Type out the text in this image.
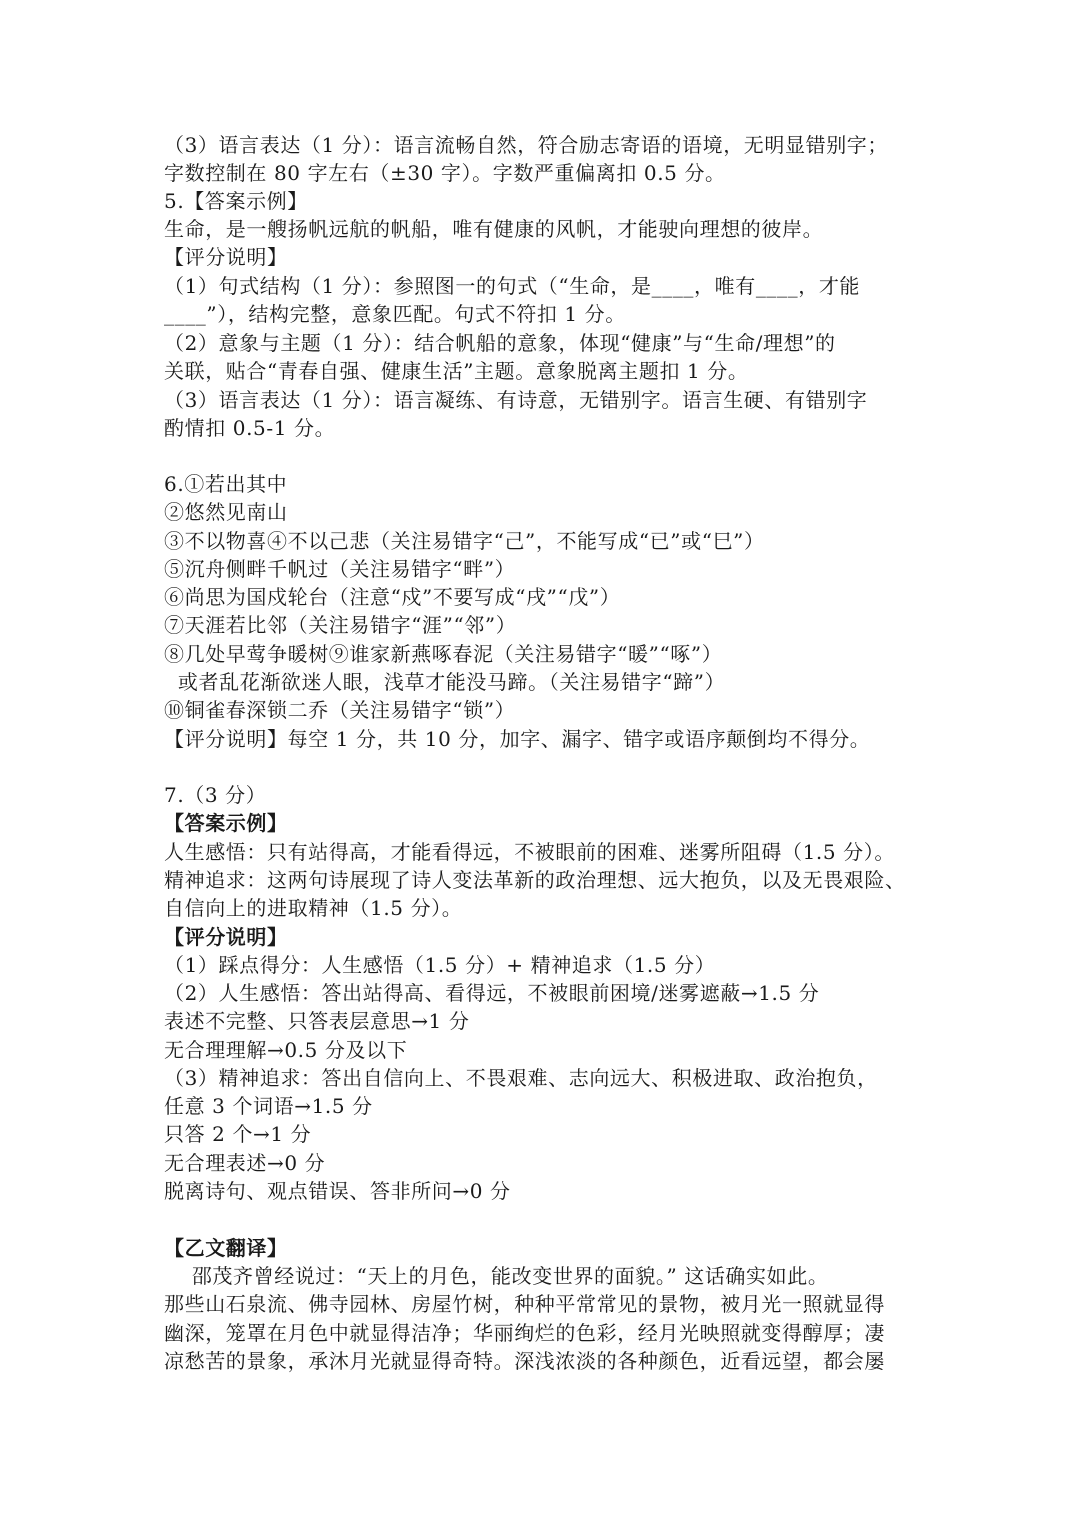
（3）语言表达（1 分）：语言流畅自然，符合励志寄语的语境，无明显错别字；
字数控制在 80 字左右（±30 字）。字数严重偏离扣 0.5 分。
5.【答案示例】
生命，是一艘扬帆远航的帆船，唯有健康的风帆，才能驶向理想的彼岸。
【评分说明】
（1）句式结构（1 分）：参照图一的句式（“生命，是____，唯有____，才能
____”），结构完整，意象匹配。句式不符扣 1 分。
（2）意象与主题（1 分）：结合帆船的意象，体现“健康”与“生命/理想”的
关联，贴合“青春自强、健康生活”主题。意象脱离主题扣 1 分。
（3）语言表达（1 分）：语言凝练、有诗意，无错别字。语言生硬、有错别字
酌情扣 0.5-1 分。
6.①若出其中
②悠然见南山
③不以物喜④不以己悲（关注易错字“己”，不能写成“已”或“巳”）
⑤沉舟侧畔千帆过（关注易错字“畔”）
⑥尚思为国戍轮台（注意“戍”不要写成“戌”“戊”）
⑦天涯若比邻（关注易错字“涯”“邻”）
⑧几处早莺争暖树⑨谁家新燕啄春泥（关注易错字“暖”“啄”）
或者乱花渐欲迷人眼，浅草才能没马蹄。（关注易错字“蹄”）
⑩铜雀春深锁二乔（关注易错字“锁”）
【评分说明】每空 1 分，共 10 分，加字、漏字、错字或语序颠倒均不得分。
7.（3 分）
【答案示例】
人生感悟：只有站得高，才能看得远，不被眼前的困难、迷雾所阻碍（1.5 分）。
精神追求：这两句诗展现了诗人变法革新的政治理想、远大抱负，以及无畏艰险、
自信向上的进取精神（1.5 分）。
【评分说明】
（1）踩点得分：人生感悟（1.5 分）+ 精神追求（1.5 分）
（2）人生感悟：答出站得高、看得远，不被眼前困境/迷雾遮蔽→1.5 分
表述不完整、只答表层意思→1 分
无合理理解→0.5 分及以下
（3）精神追求：答出自信向上、不畏艰难、志向远大、积极进取、政治抱负，
任意 3 个词语→1.5 分
只答 2 个→1 分
无合理表述→0 分
脱离诗句、观点错误、答非所问→0 分
【乙文翻译】
邵茂齐曾经说过：“天上的月色，能改变世界的面貌。” 这话确实如此。
那些山石泉流、佛寺园林、房屋竹树，种种平常常见的景物，被月光一照就显得
幽深，笼罩在月色中就显得洁净；华丽绚烂的色彩，经月光映照就变得醇厚；凄
凉愁苦的景象，承沐月光就显得奇特。深浅浓淡的各种颜色，近看远望，都会屡
